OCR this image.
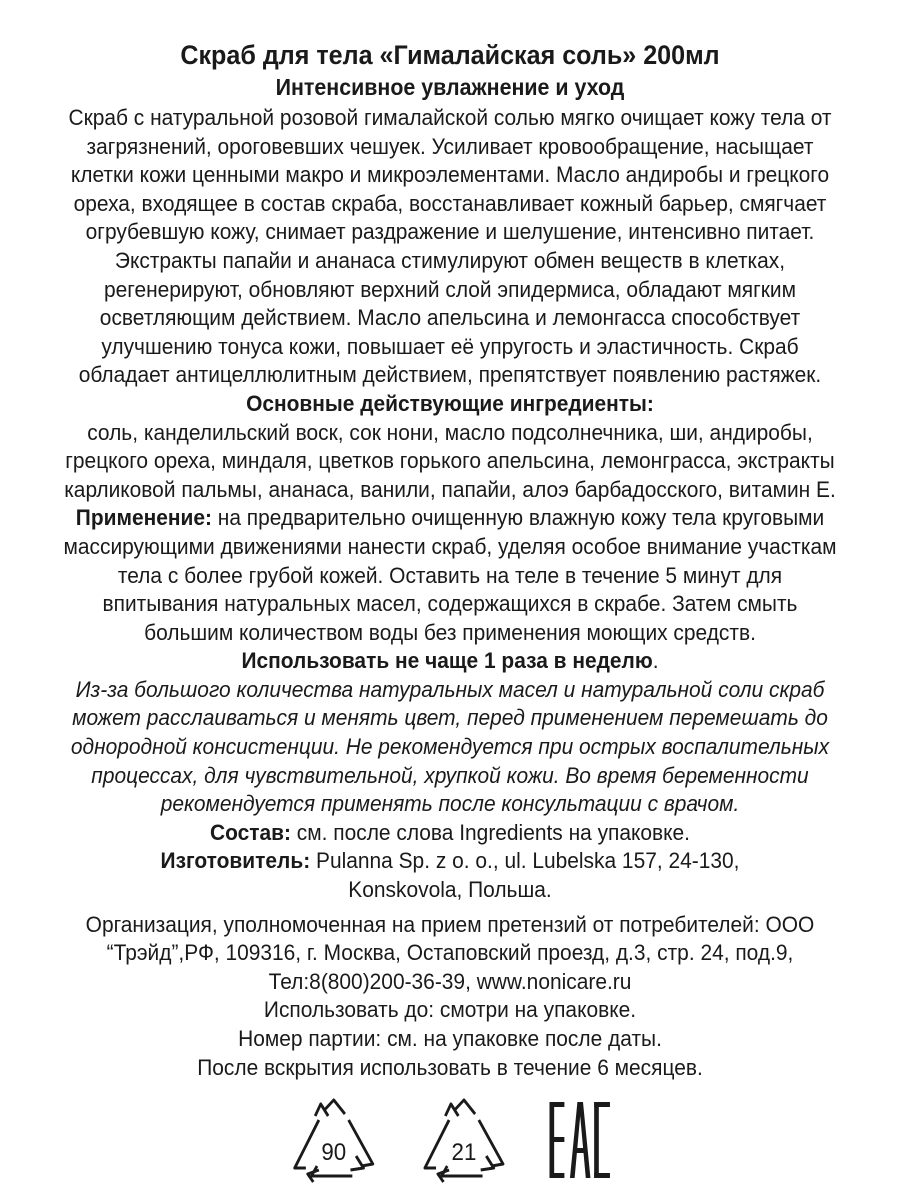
Скраб для тела «Гималайская соль» 200мл

Интенсивное увлажнение и уход

Скраб с натуральной розовой гималайской солью мягко очищает кожу тела от

загрязнений, ороговевших чешуек. Усиливает кровообращение, насыщает

клетки кожи ценными макро и микроэлементами. Масло андиробы и грецкого

ореха, входящее в состав скраба, восстанавливает кожный барьер, смягчает

огрубевшую кожу, снимает раздражение и шелушение, интенсивно питает.

Экстракты папайи и ананаса стимулируют обмен веществ в клетках,

регенерируют, обновляют верхний слой эпидермиса, обладают мягким

осветляющим действием. Масло апельсина и лемонгасса способствует

улучшению тонуса кожи, повышает её упругость и эластичность. Скраб

обладает антицеллюлитным действием, препятствует появлению растяжек.

Основные действующие ингредиенты:

соль, канделильский воск, сок нони, масло подсолнечника, ши, андиробы,

грецкого ореха, миндаля, цветков горького апельсина, лемонграсса, экстракты

карликовой пальмы, ананаса, ванили, папайи, алоэ барбадосского, витамин Е.

Применение: на предварительно очищенную влажную кожу тела круговыми

массирующими движениями нанести скраб, уделяя особое внимание участкам

тела с более грубой кожей. Оставить на теле в течение 5 минут для

впитывания натуральных масел, содержащихся в скрабе. Затем смыть

большим количеством воды без применения моющих средств.

Использовать не чаще 1 раза в неделю.

Из-за большого количества натуральных масел и натуральной соли скраб

может расслаиваться и менять цвет, перед применением перемешать до

однородной консистенции. Не рекомендуется при острых воспалительных

процессах, для чувствительной, хрупкой кожи. Во время беременности

рекомендуется применять после консультации с врачом.

Состав: см. после слова Ingredients на упаковке.

Изготовитель: Pulanna Sp. z o. o., ul. Lubelska 157, 24-130,

Konskovola, Польша.

Организация, уполномоченная на прием претензий от потребителей: ООО

“Трэйд”,РФ, 109316, г. Москва, Остаповский проезд, д.3, стр. 24, под.9,

Тел:8(800)200-36-39, www.nonicare.ru

Использовать до: смотри на упаковке.

Номер партии: см. на упаковке после даты.

После вскрытия использовать в течение 6 месяцев.

90	21
